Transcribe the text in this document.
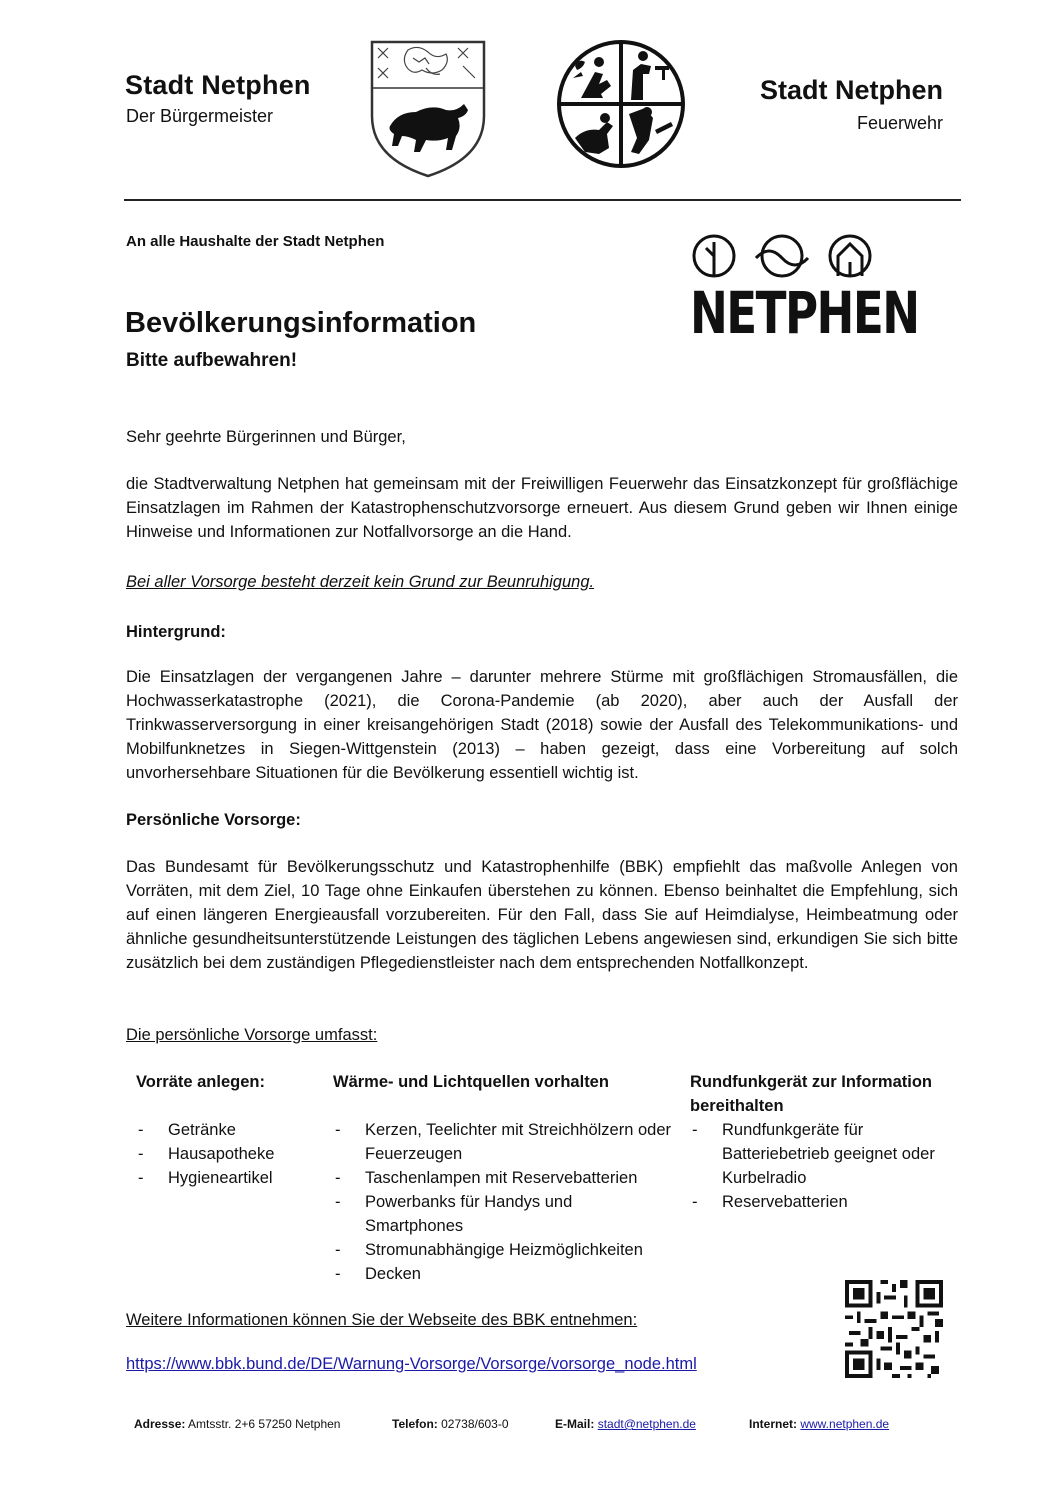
Stadt Netphen
Der Bürgermeister
Stadt Netphen
Feuerwehr
An alle Haushalte der Stadt Netphen
Bevölkerungsinformation
Bitte aufbewahren!
NETPHEN
Sehr geehrte Bürgerinnen und Bürger,
die Stadtverwaltung Netphen hat gemeinsam mit der Freiwilligen Feuerwehr das Einsatzkonzept für großflächige Einsatzlagen im Rahmen der Katastrophenschutzvorsorge erneuert. Aus diesem Grund geben wir Ihnen einige Hinweise und Informationen zur Notfallvorsorge an die Hand.
Bei aller Vorsorge besteht derzeit kein Grund zur Beunruhigung.
Hintergrund:
Die Einsatzlagen der vergangenen Jahre – darunter mehrere Stürme mit großflächigen Stromausfällen, die Hochwasserkatastrophe (2021), die Corona-Pandemie (ab 2020), aber auch der Ausfall der Trinkwasserversorgung in einer kreisangehörigen Stadt (2018) sowie der Ausfall des Telekommunikations- und Mobilfunknetzes in Siegen-Wittgenstein (2013) – haben gezeigt, dass eine Vorbereitung auf solch unvorhersehbare Situationen für die Bevölkerung essentiell wichtig ist.
Persönliche Vorsorge:
Das Bundesamt für Bevölkerungsschutz und Katastrophenhilfe (BBK) empfiehlt das maßvolle Anlegen von Vorräten, mit dem Ziel, 10 Tage ohne Einkaufen überstehen zu können. Ebenso beinhaltet die Empfehlung, sich auf einen längeren Energieausfall vorzubereiten. Für den Fall, dass Sie auf Heimdialyse, Heimbeatmung oder ähnliche gesundheitsunterstützende Leistungen des täglichen Lebens angewiesen sind, erkundigen Sie sich bitte zusätzlich bei dem zuständigen Pflegedienstleister nach dem entsprechenden Notfallkonzept.
Die persönliche Vorsorge umfasst:
Vorräte anlegen:
- Getränke
- Hausapotheke
- Hygieneartikel
Wärme- und Lichtquellen vorhalten
- Kerzen, Teelichter mit Streichhölzern oder Feuerzeugen
- Taschenlampen mit Reservebatterien
- Powerbanks für Handys und Smartphones
- Stromunabhängige Heizmöglichkeiten
- Decken
Rundfunkgerät zur Information bereithalten
- Rundfunkgeräte für Batteriebetrieb geeignet oder Kurbelradio
- Reservebatterien
Weitere Informationen können Sie der Webseite des BBK entnehmen:
https://www.bbk.bund.de/DE/Warnung-Vorsorge/Vorsorge/vorsorge_node.html
Adresse: Amtsstr. 2+6 57250 Netphen	Telefon: 02738/603-0	E-Mail: stadt@netphen.de	Internet: www.netphen.de
